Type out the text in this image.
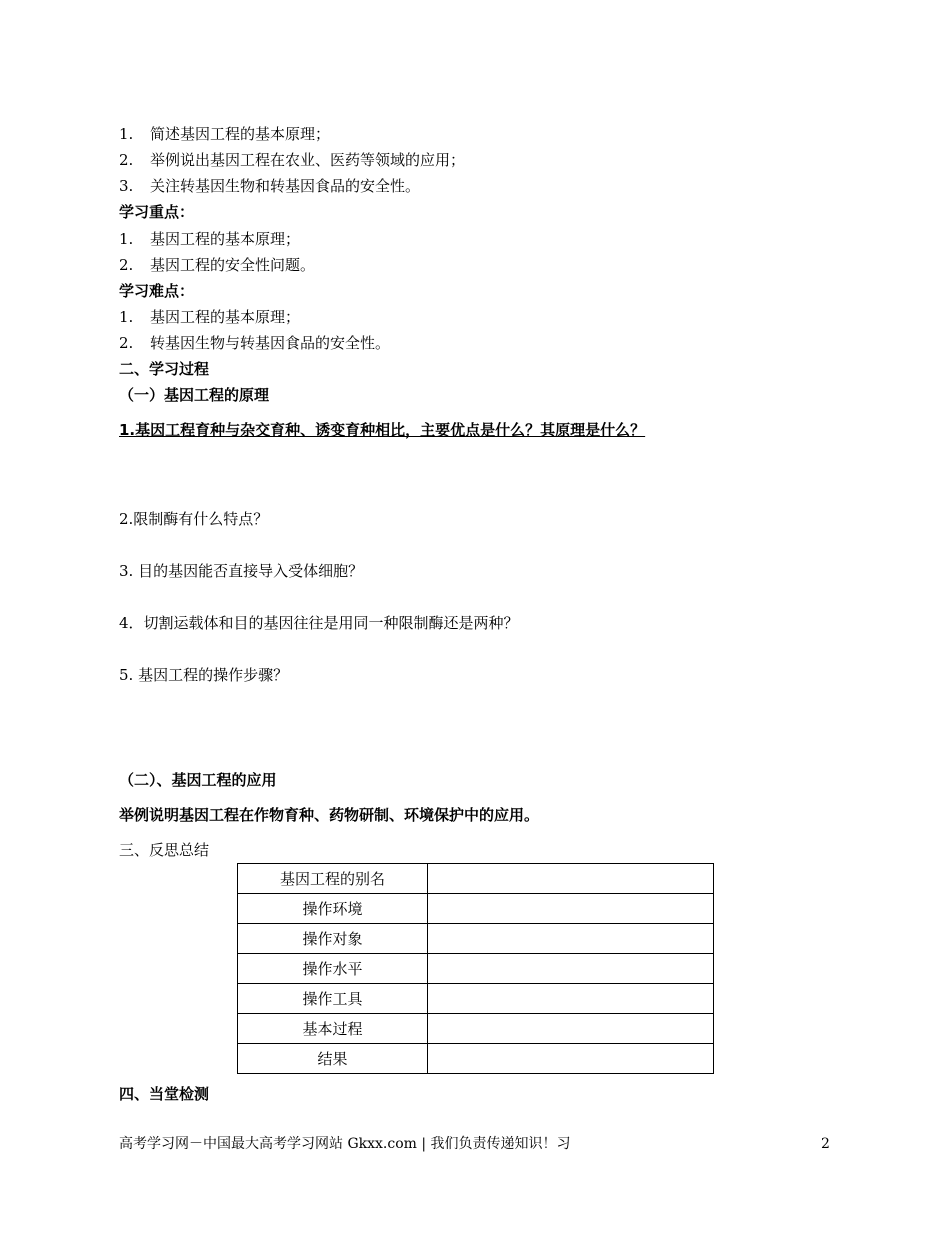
1. 简述基因工程的基本原理；
2. 举例说出基因工程在农业、医药等领域的应用；
3. 关注转基因生物和转基因食品的安全性。
学习重点：
1. 基因工程的基本原理；
2. 基因工程的安全性问题。
学习难点：
1. 基因工程的基本原理；
2. 转基因生物与转基因食品的安全性。
二、学习过程
（一）基因工程的原理
1.基因工程育种与杂交育种、诱变育种相比，主要优点是什么？其原理是什么？
2.限制酶有什么特点？
3. 目的基因能否直接导入受体细胞？
4．切割运载体和目的基因往往是用同一种限制酶还是两种？
5. 基因工程的操作步骤？
（二）、基因工程的应用
举例说明基因工程在作物育种、药物研制、环境保护中的应用。
三、反思总结
基因工程的别名	
操作环境	
操作对象	
操作水平	
操作工具	
基本过程	
结果	
四、当堂检测
高考学习网－中国最大高考学习网站 Gkxx.com | 我们负责传递知识！习	2
